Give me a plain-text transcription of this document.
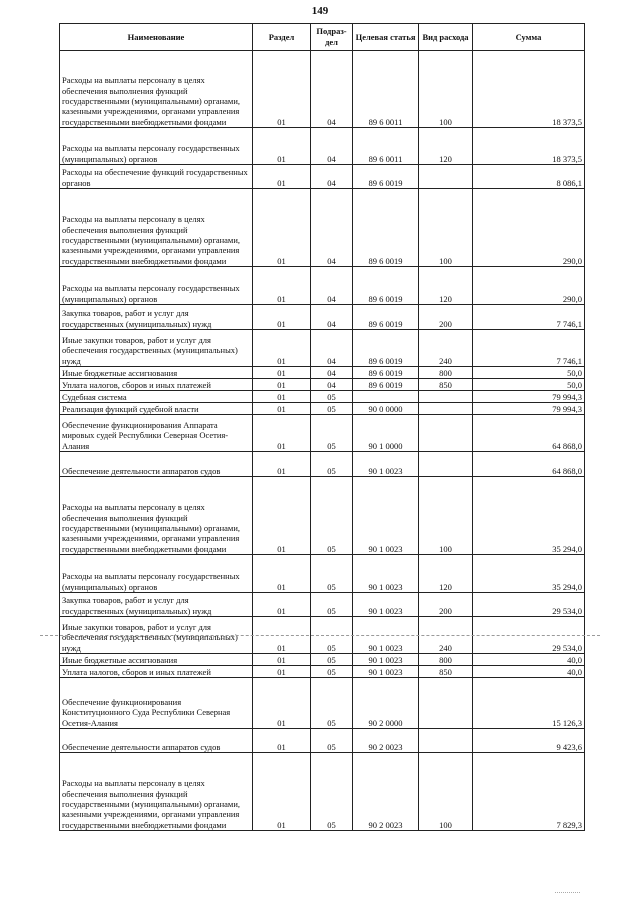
149
Наименование	Раздел	Подраз-дел	Целевая статья	Вид расхода	Сумма
Расходы на выплаты персоналу в целях обеспечения выполнения функций государственными (муниципальными) органами, казенными учреждениями, органами управления государственными внебюджетными фондами	01	04	89 6 0011	100	18 373,5
Расходы на выплаты персоналу государственных (муниципальных) органов	01	04	89 6 0011	120	18 373,5
Расходы на обеспечение функций государственных органов	01	04	89 6 0019		8 086,1
Расходы на выплаты персоналу в целях обеспечения выполнения функций государственными (муниципальными) органами, казенными учреждениями, органами управления государственными внебюджетными фондами	01	04	89 6 0019	100	290,0
Расходы на выплаты персоналу государственных (муниципальных) органов	01	04	89 6 0019	120	290,0
Закупка товаров, работ и услуг для государственных (муниципальных) нужд	01	04	89 6 0019	200	7 746,1
Иные закупки товаров, работ и услуг для обеспечения государственных (муниципальных) нужд	01	04	89 6 0019	240	7 746,1
Иные бюджетные ассигнования	01	04	89 6 0019	800	50,0
Уплата налогов, сборов и иных платежей	01	04	89 6 0019	850	50,0
Судебная система	01	05			79 994,3
Реализация функций судебной власти	01	05	90 0 0000		79 994,3
Обеспечение функционирования Аппарата мировых судей Республики Северная Осетия-Алания	01	05	90 1 0000		64 868,0
Обеспечение деятельности аппаратов судов	01	05	90 1 0023		64 868,0
Расходы на выплаты персоналу в целях обеспечения выполнения функций государственными (муниципальными) органами, казенными учреждениями, органами управления государственными внебюджетными фондами	01	05	90 1 0023	100	35 294,0
Расходы на выплаты персоналу государственных (муниципальных) органов	01	05	90 1 0023	120	35 294,0
Закупка товаров, работ и услуг для государственных (муниципальных) нужд	01	05	90 1 0023	200	29 534,0
Иные закупки товаров, работ и услуг для обеспечения государственных (муниципальных) нужд	01	05	90 1 0023	240	29 534,0
Иные бюджетные ассигнования	01	05	90 1 0023	800	40,0
Уплата налогов, сборов и иных платежей	01	05	90 1 0023	850	40,0
Обеспечение функционирования Конституционного Суда Республики Северная Осетия-Алания	01	05	90 2 0000		15 126,3
Обеспечение деятельности аппаратов судов	01	05	90 2 0023		9 423,6
Расходы на выплаты персоналу в целях обеспечения выполнения функций государственными (муниципальными) органами, казенными учреждениями, органами управления государственными внебюджетными фондами	01	05	90 2 0023	100	7 829,3
